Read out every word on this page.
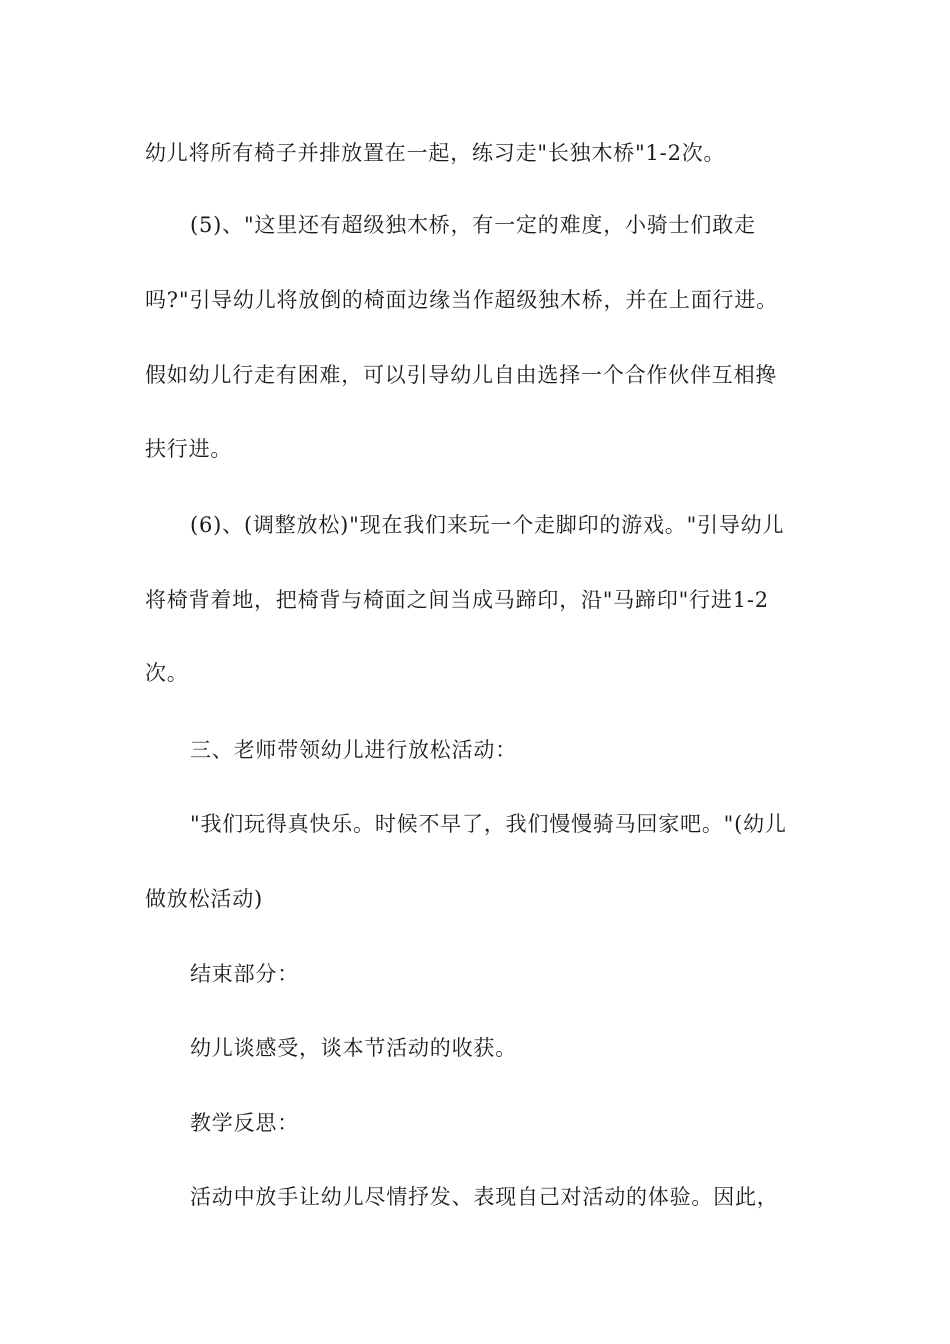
幼儿将所有椅子并排放置在一起，练习走"长独木桥"1-2次。
(5)、"这里还有超级独木桥，有一定的难度，小骑士们敢走
吗?"引导幼儿将放倒的椅面边缘当作超级独木桥，并在上面行进。
假如幼儿行走有困难，可以引导幼儿自由选择一个合作伙伴互相搀
扶行进。
(6)、(调整放松)"现在我们来玩一个走脚印的游戏。"引导幼儿
将椅背着地，把椅背与椅面之间当成马蹄印，沿"马蹄印"行进1-2
次。
三、老师带领幼儿进行放松活动：
"我们玩得真快乐。时候不早了，我们慢慢骑马回家吧。"(幼儿
做放松活动)
结束部分：
幼儿谈感受，谈本节活动的收获。
教学反思：
活动中放手让幼儿尽情抒发、表现自己对活动的体验。因此，
